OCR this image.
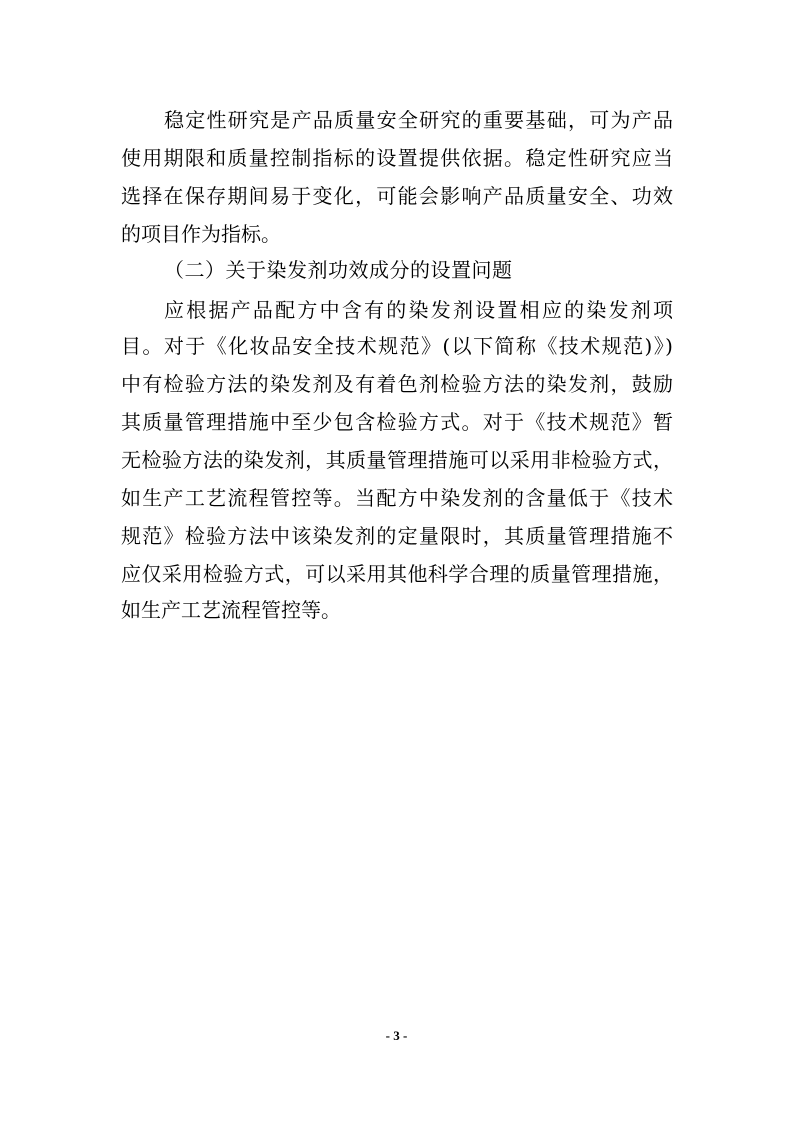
稳定性研究是产品质量安全研究的重要基础，可为产品
使用期限和质量控制指标的设置提供依据。稳定性研究应当
选择在保存期间易于变化，可能会影响产品质量安全、功效
的项目作为指标。
（二）关于染发剂功效成分的设置问题
应根据产品配方中含有的染发剂设置相应的染发剂项
目。对于《化妆品安全技术规范》(以下简称《技术规范)》)
中有检验方法的染发剂及有着色剂检验方法的染发剂，鼓励
其质量管理措施中至少包含检验方式。对于《技术规范》暂
无检验方法的染发剂，其质量管理措施可以采用非检验方式，
如生产工艺流程管控等。当配方中染发剂的含量低于《技术
规范》检验方法中该染发剂的定量限时，其质量管理措施不
应仅采用检验方式，可以采用其他科学合理的质量管理措施，
如生产工艺流程管控等。
- 3 -
